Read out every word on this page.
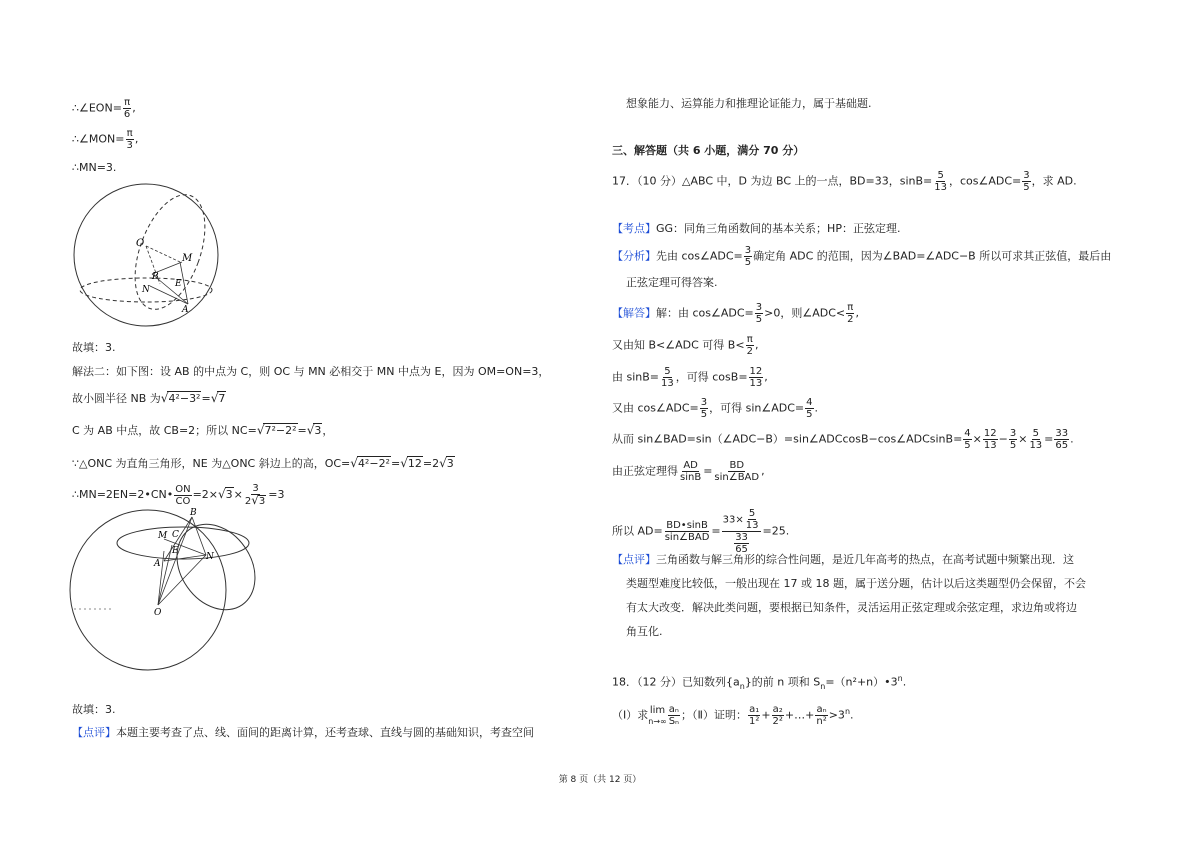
∴∠EON= $\frac{\pi}{6}$ ,
∴∠MON= $\frac{\pi}{3}$ ,
∴MN=3.
O
M
B
E
N
A
故填：3.
解法二：如下图：设 AB 的中点为 C，则 OC 与 MN 必相交于 MN 中点为 E，因为 OM=ON=3，
故小圆半径 NB 为√4²−3²=√7
C 为 AB 中点，故 CB=2；所以 NC=√7²−2²=√3，
∵△ONC 为直角三角形，NE 为△ONC 斜边上的高，OC=√4²−2²=√12=2√3
∴MN=2EN=2•CN• $\frac{ON}{CO} =2\times√3\times \frac{3}{2√3} =3$
B
C
M
E
A
N
O
故填：3.
【点评】本题主要考查了点、线、面间的距离计算，还考查球、直线与圆的基础知识，考查空间
想象能力、运算能力和推理论证能力，属于基础题.
三、解答题（共 6 小题，满分 70 分）
17．（10 分）△ABC 中，D 为边 BC 上的一点，BD=33，$\sin B= \frac{5}{13}$ ，cos∠ADC= $\frac{3}{5}$ ，求 AD.
【考点】GG：同角三角函数间的基本关系；HP：正弦定理.
【分析】先由 cos∠ADC= $\frac{3}{5}$ 确定角 ADC 的范围，因为∠BAD=∠ADC−B 所以可求其正弦值，最后由
正弦定理可得答案.
【解答】解：由 cos∠ADC= $\frac{3}{5} >0$，则∠ADC< $\frac{\pi}{2}$ ,
又由知 B<∠ADC 可得 $B< \frac{\pi}{2}$ ,
由 $\sin B= \frac{5}{13}$ ，可得 $\cos B= \frac{12}{13}$ ,
又由 cos∠ADC= $\frac{3}{5}$ ，可得 sin∠ADC= $\frac{4}{5}$ .
从而 sin∠BAD=sin（∠ADC−B）=sin∠ADCcosB−cos∠ADCsinB= $\frac{4}{5} \times \frac{12}{13} - \frac{3}{5} \times \frac{5}{13} = \frac{33}{65}$ .
由正弦定理得 $\frac{AD}{\sin B} = \frac{BD}{\text{sin∠BAD}}$ ,
所以 $AD= \frac{BD•\sin B}{\text{sin∠BAD}} = \frac{33\times \frac{5}{13}}{\frac{33}{65}} =25$.
【点评】三角函数与解三角形的综合性问题，是近几年高考的热点，在高考试题中频繁出现．这
类题型难度比较低，一般出现在 17 或 18 题，属于送分题，估计以后这类题型仍会保留，不会
有太大改变．解决此类问题，要根据已知条件，灵活运用正弦定理或余弦定理，求边角或将边
角互化.
18．（12 分）已知数列$\{a_n\}$的前 n 项和 $S_n=(n^2+n)•3^n$.
（Ⅰ）求 lim
$n\to\infty \frac{\text{aₙ}}{\text{Sₙ}}$ ；（Ⅱ）证明： $\frac{\text{a₁}}{\text{1²}} + \frac{\text{a₂}}{\text{2²}}$ +…+ $\frac{\text{aₙ}}{\text{n²}} >3^n$.
第 8 页（共 12 页）
